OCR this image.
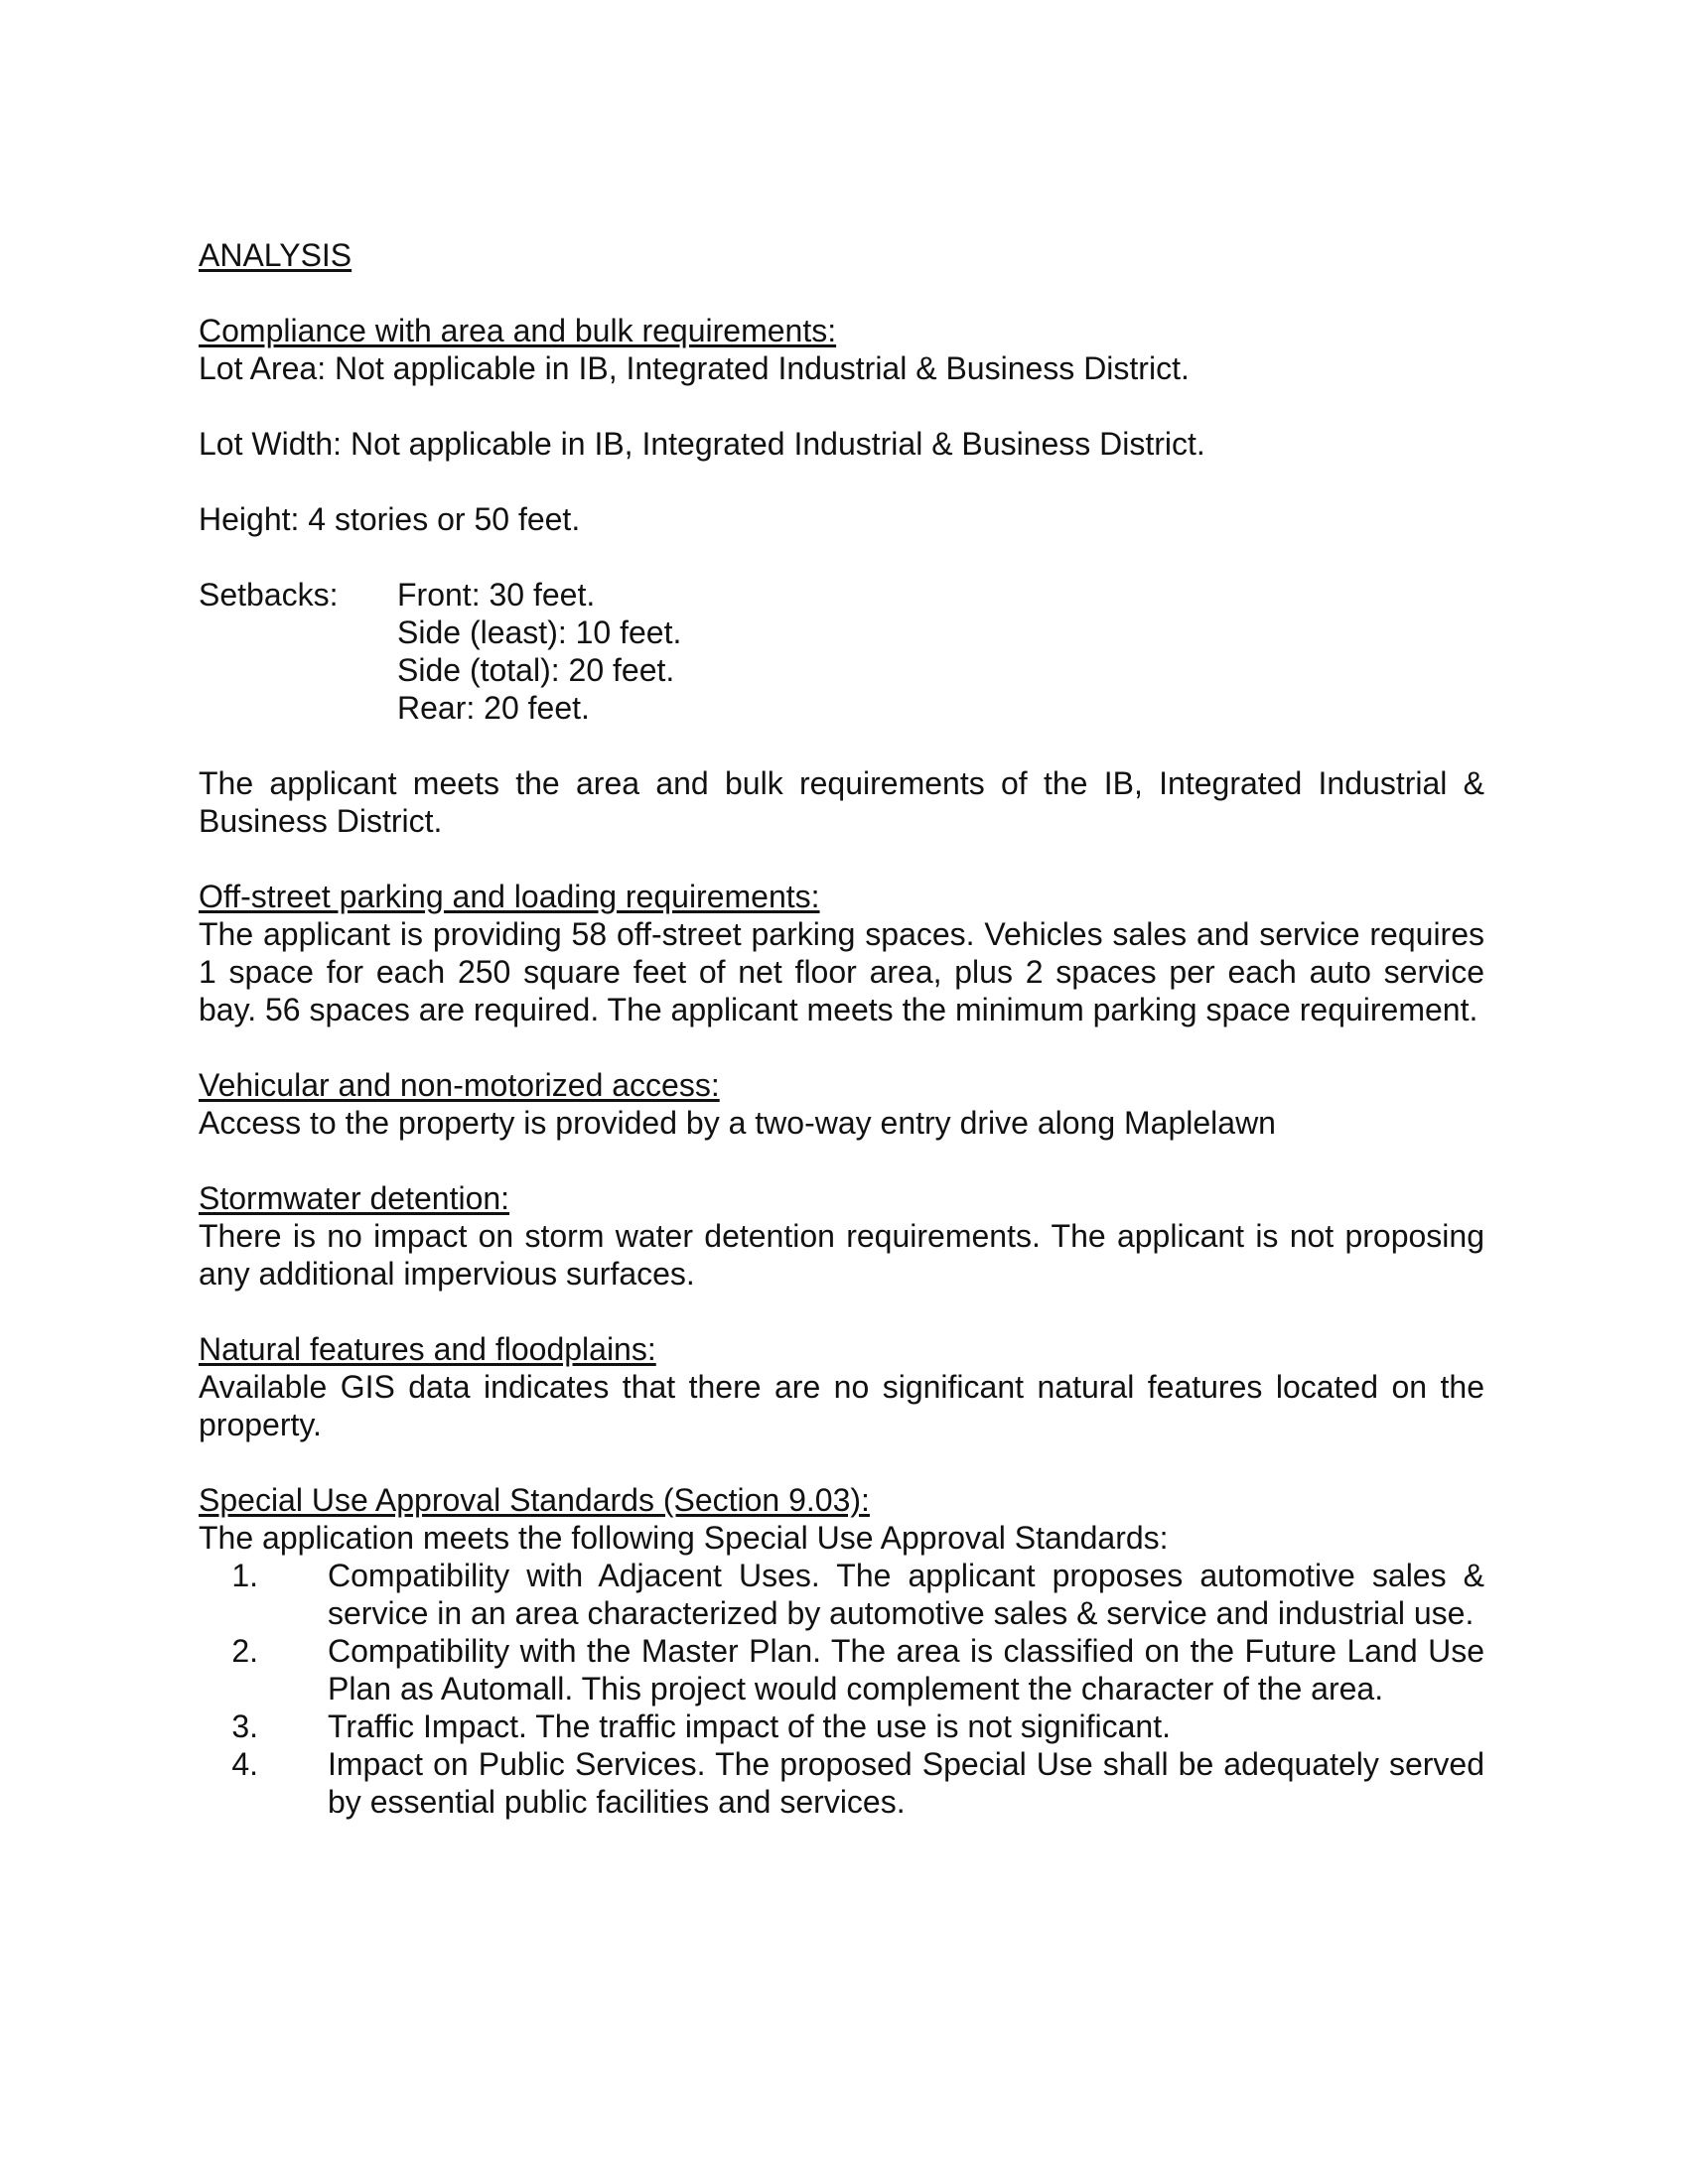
ANALYSIS
Compliance with area and bulk requirements:
Lot Area: Not applicable in IB, Integrated Industrial & Business District.
Lot Width: Not applicable in IB, Integrated Industrial & Business District.
Height: 4 stories or 50 feet.
Setbacks:	Front: 30 feet.
Side (least): 10 feet.
Side (total): 20 feet.
Rear: 20 feet.
The applicant meets the area and bulk requirements of the IB, Integrated Industrial & Business District.
Off-street parking and loading requirements:
The applicant is providing 58 off-street parking spaces. Vehicles sales and service requires 1 space for each 250 square feet of net floor area, plus 2 spaces per each auto service bay. 56 spaces are required. The applicant meets the minimum parking space requirement.
Vehicular and non-motorized access:
Access to the property is provided by a two-way entry drive along Maplelawn
Stormwater detention:
There is no impact on storm water detention requirements. The applicant is not proposing any additional impervious surfaces.
Natural features and floodplains:
Available GIS data indicates that there are no significant natural features located on the property.
Special Use Approval Standards (Section 9.03):
The application meets the following Special Use Approval Standards:
1.	Compatibility with Adjacent Uses. The applicant proposes automotive sales & service in an area characterized by automotive sales & service and industrial use.
2.	Compatibility with the Master Plan. The area is classified on the Future Land Use Plan as Automall. This project would complement the character of the area.
3.	Traffic Impact. The traffic impact of the use is not significant.
4.	Impact on Public Services. The proposed Special Use shall be adequately served by essential public facilities and services.
